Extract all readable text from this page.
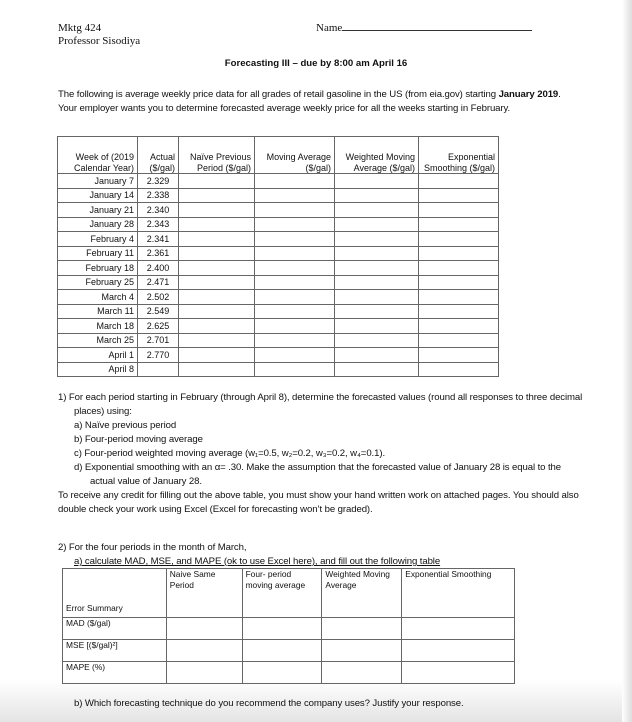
Mktg 424
Professor Sisodiya
Name
Forecasting III – due by 8:00 am April 16
The following is average weekly price data for all grades of retail gasoline in the US (from eia.gov) starting January 2019. Your employer wants you to determine forecasted average weekly price for all the weeks starting in February.
Week of (2019 Calendar Year)	Actual ($/gal)	Naïve Previous Period ($/gal)	Moving Average ($/gal)	Weighted Moving Average ($/gal)	Exponential Smoothing ($/gal)
January 7	2.329				
January 14	2.338				
January 21	2.340				
January 28	2.343				
February 4	2.341				
February 11	2.361				
February 18	2.400				
February 25	2.471				
March 4	2.502				
March 11	2.549				
March 18	2.625				
March 25	2.701				
April 1	2.770				
April 8					
1) For each period starting in February (through April 8), determine the forecasted values (round all responses to three decimal places) using:
a) Naïve previous period
b) Four-period moving average
c) Four-period weighted moving average (w₁=0.5, w₂=0.2, w₃=0.2, w₄=0.1).
d) Exponential smoothing with an α= .30. Make the assumption that the forecasted value of January 28 is equal to the actual value of January 28.
To receive any credit for filling out the above table, you must show your hand written work on attached pages. You should also double check your work using Excel (Excel for forecasting won’t be graded).
2) For the four periods in the month of March,
a) calculate MAD, MSE, and MAPE (ok to use Excel here), and fill out the following table
Error Summary	Naive Same Period	Four- period moving average	Weighted Moving Average	Exponential Smoothing
MAD ($/gal)				
MSE [($/gal)²]				
MAPE (%)				
b) Which forecasting technique do you recommend the company uses? Justify your response.
